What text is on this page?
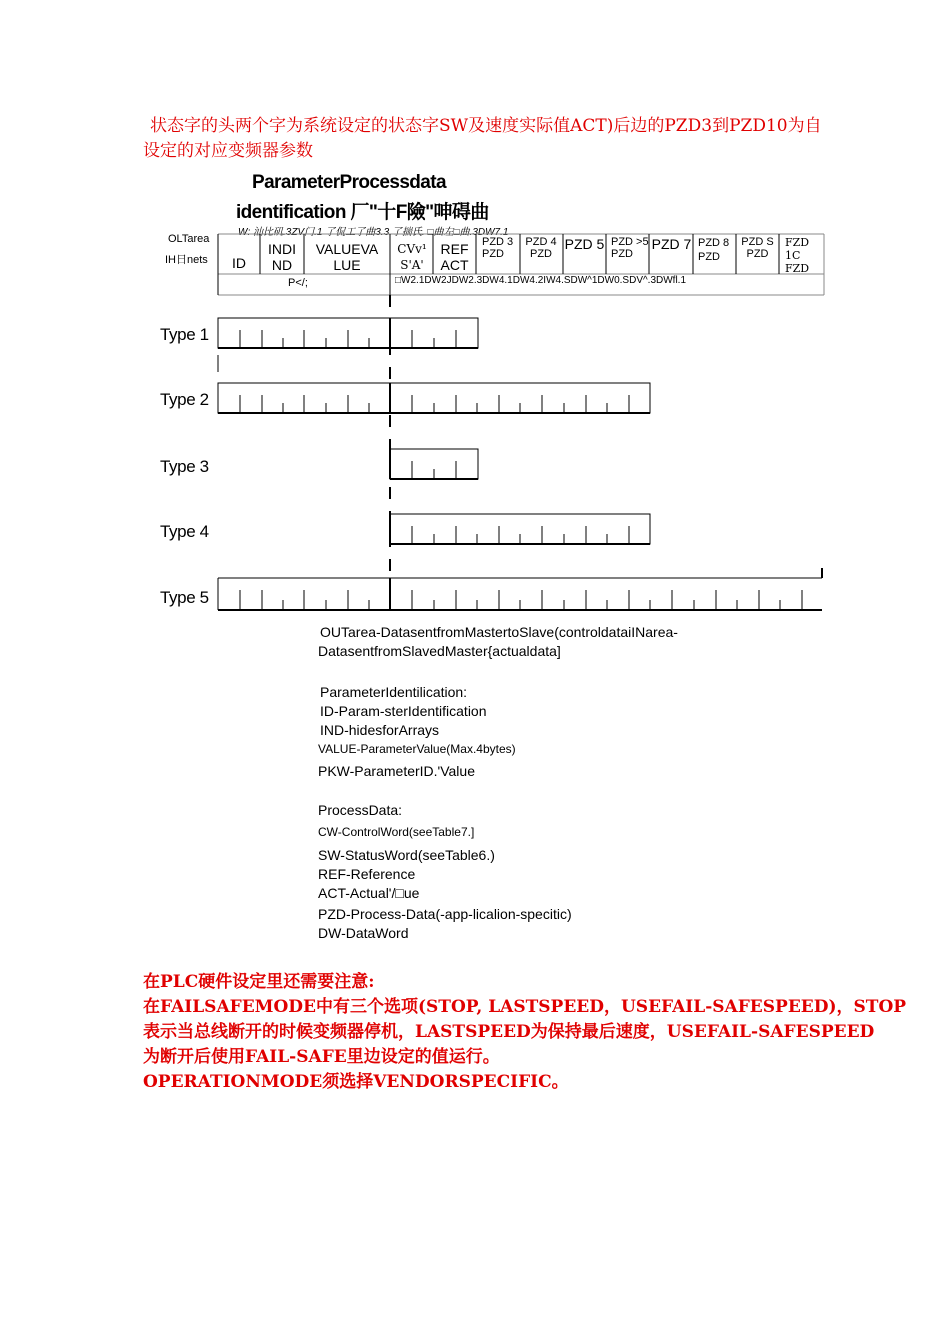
状态字的头两个字为系统设定的状态字SW及速度实际值ACT)后边的PZD3到PZD10为自
设定的对应变频器参数
ParameterProcessdata
identification 厂"十F險"呻碍曲
W: 汕比矶.3ZV门.1 了侃工了曲3.3 了揣氏. □曲左□曲.3DW7.1
OLTarea
IH日nets	ID
INDI ND
VALUEVA LUE
CVv¹ S'A'
REF ACT
PZD 3 PZD
PZD 4 PZD
PZD 5 PZD >5 PZD
PZD 7 PZD 8 PZD
PZD S PZD
FZD 1C FZD
P</;	□W2.1DW2JDW2.3DW4.1DW4.2IW4.SDW^1DW0.SDV^.3DWfl.1
Type 1
Type 2
Type 3
Type 4
Type 5
OUTarea-DatasentfromMastertoSlave(controldataiINarea-
DatasentfromSlavedMaster{actualdata]
ParameterIdentilication:
ID-Param-sterIdentification
IND-hidesforArrays
VALUE-ParameterValue(Max.4bytes)
PKW-ParameterID.'Value
ProcessData:
CW-ControlWord(seeTable7.]
SW-StatusWord(seeTable6.)
REF-Reference
ACT-Actual'/□ue
PZD-Process-Data(-app-licalion-specitic)
DW-DataWord
在PLC硬件设定里还需要注意:
在FAILSAFEMODE中有三个选项(STOP, LASTSPEED，USEFAIL-SAFESPEED)，STOP
表示当总线断开的时候变频器停机，LASTSPEED为保持最后速度，USEFAIL-SAFESPEED
为断开后使用FAIL-SAFE里边设定的值运行。
OPERATIONMODE须选择VENDORSPECIFIC。
